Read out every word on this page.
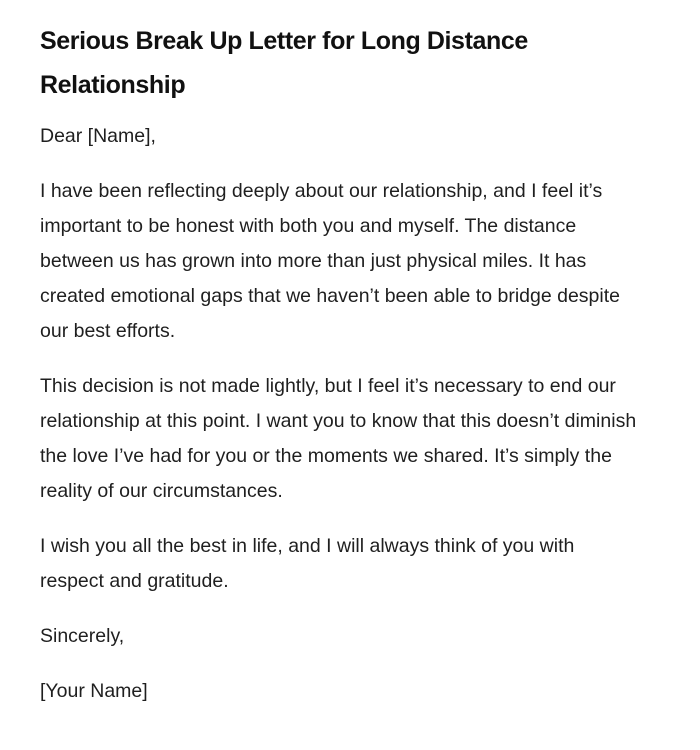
Serious Break Up Letter for Long Distance Relationship

Dear [Name],

I have been reflecting deeply about our relationship, and I feel it’s important to be honest with both you and myself. The distance between us has grown into more than just physical miles. It has created emotional gaps that we haven’t been able to bridge despite our best efforts.

This decision is not made lightly, but I feel it’s necessary to end our relationship at this point. I want you to know that this doesn’t diminish the love I’ve had for you or the moments we shared. It’s simply the reality of our circumstances.

I wish you all the best in life, and I will always think of you with respect and gratitude.

Sincerely,

[Your Name]
